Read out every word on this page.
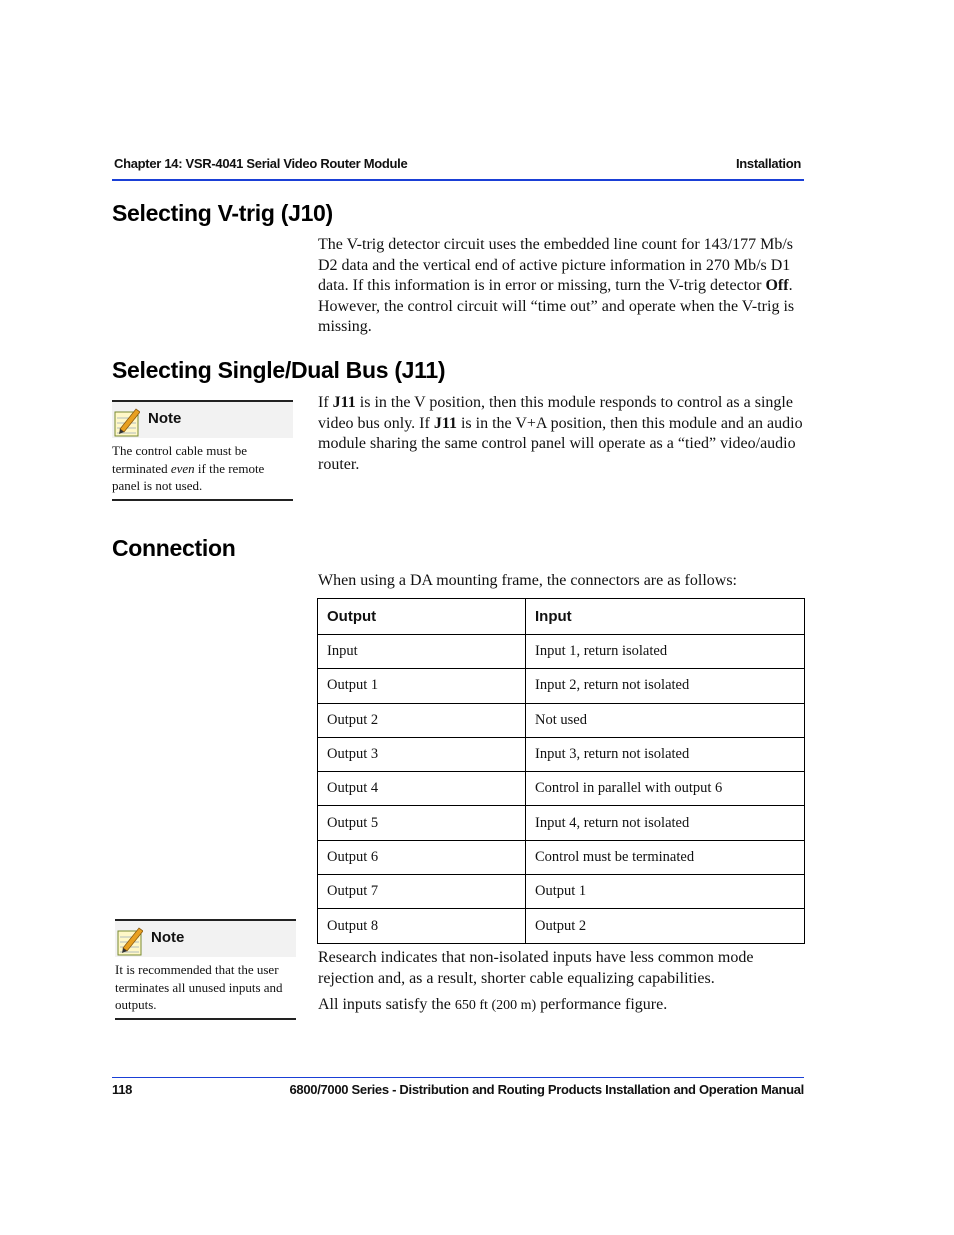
Chapter 14: VSR-4041 Serial Video Router Module	Installation
Selecting V-trig (J10)

The V-trig detector circuit uses the embedded line count for 143/177 Mb/s D2 data and the vertical end of active picture information in 270 Mb/s D1 data. If this information is in error or missing, turn the V-trig detector Off. However, the control circuit will “time out” and operate when the V-trig is missing.

Selecting Single/Dual Bus (J11)

If J11 is in the V position, then this module responds to control as a single video bus only. If J11 is in the V+A position, then this module and an audio module sharing the same control panel will operate as a “tied” video/audio router.

Note
The control cable must be terminated even if the remote panel is not used.
Connection

When using a DA mounting frame, the connectors are as follows:

Output	Input
Input	Input 1, return isolated
Output 1	Input 2, return not isolated
Output 2	Not used
Output 3	Input 3, return not isolated
Output 4	Control in parallel with output 6
Output 5	Input 4, return not isolated
Output 6	Control must be terminated
Output 7	Output 1
Output 8	Output 2

Research indicates that non-isolated inputs have less common mode rejection and, as a result, shorter cable equalizing capabilities.

All inputs satisfy the 650 ft (200 m) performance figure.

Note
It is recommended that the user terminates all unused inputs and outputs.
118	6800/7000 Series - Distribution and Routing Products Installation and Operation Manual
